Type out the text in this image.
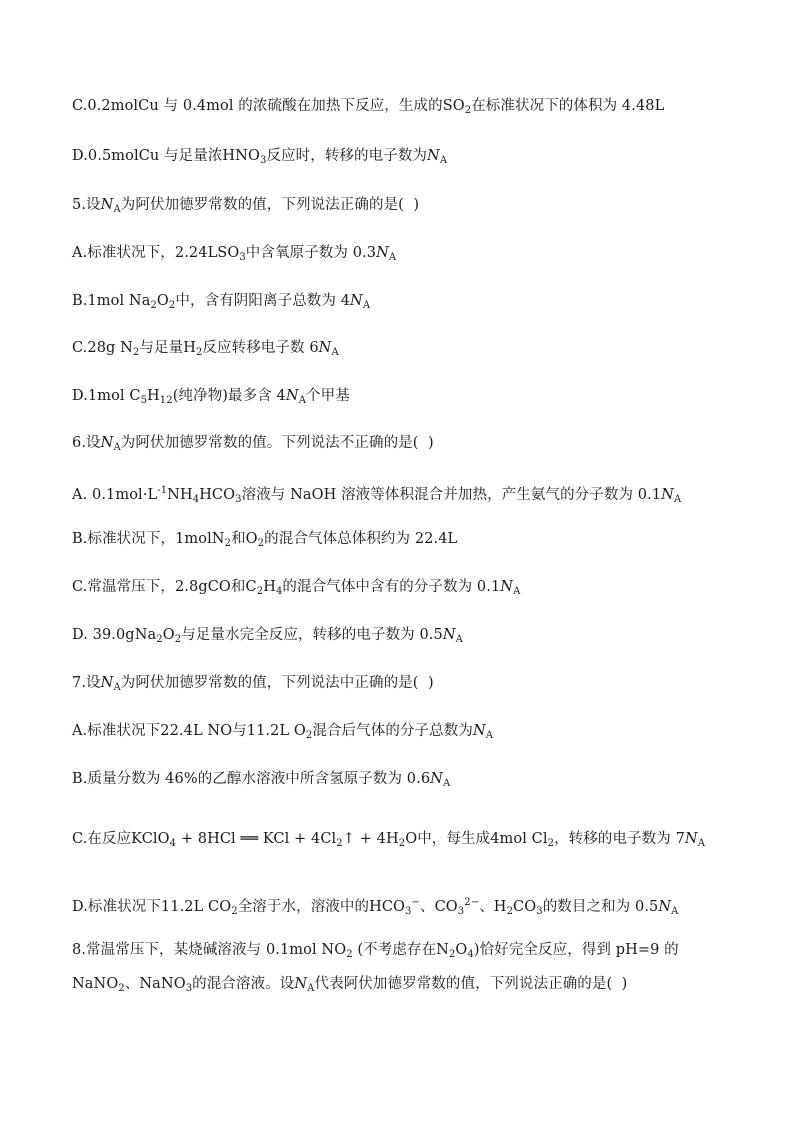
C.0.2molCu 与 0.4mol 的浓硫酸在加热下反应，生成的$SO_2$在标准状况下的体积为 4.48L
D.0.5molCu 与足量浓$HNO_3$反应时，转移的电子数为$N_A$
5.设$N_A$为阿伏加德罗常数的值，下列说法正确的是(  )
A.标准状况下，$2.24LSO_3$中含氧原子数为 $0.3N_A$
B.1mol $Na_2O_2$中，含有阴阳离子总数为 $4N_A$
C.28g $N_2$与足量$H_2$反应转移电子数 $6N_A$
D.1mol $C_5H_{12}$(纯净物)最多含 $4N_A$个甲基
6.设$N_A$为阿伏加德罗常数的值。下列说法不正确的是(  )
A. $0.1mol\cdot L^{-1}NH_4HCO_3$溶液与 NaOH 溶液等体积混合并加热，产生氨气的分子数为 $0.1N_A$
B.标准状况下，1molN$_2$和$O_2$的混合气体总体积约为 22.4L
C.常温常压下，2.8gCO和$C_2H_4$的混合气体中含有的分子数为 $0.1N_A$
D. $39.0gNa_2O_2$与足量水完全反应，转移的电子数为 $0.5N_A$
7.设$N_A$为阿伏加德罗常数的值，下列说法中正确的是(  )
A.标准状况下22.4L NO与11.2L $O_2$混合后气体的分子总数为$N_A$
B.质量分数为 46%的乙醇水溶液中所含氢原子数为 $0.6N_A$
C.在反应KClO$_4$ + 8HCl ══ KCl + $4Cl_2↑ + 4H_2O$中，每生成4mol $Cl_2$，转移的电子数为 $7N_A$
D.标准状况下11.2L $CO_2$全溶于水，溶液中的$HCO_3^-$、$CO_3^{2-}$、$H_2CO_3$的数目之和为 $0.5N_A$
8.常温常压下，某烧碱溶液与 0.1mol $NO_2$ (不考虑存在$N_2O_4$)恰好完全反应，得到 pH=9 的
NaNO$_2$、NaNO$_3$的混合溶液。设$N_A$代表阿伏加德罗常数的值，下列说法正确的是(  )
